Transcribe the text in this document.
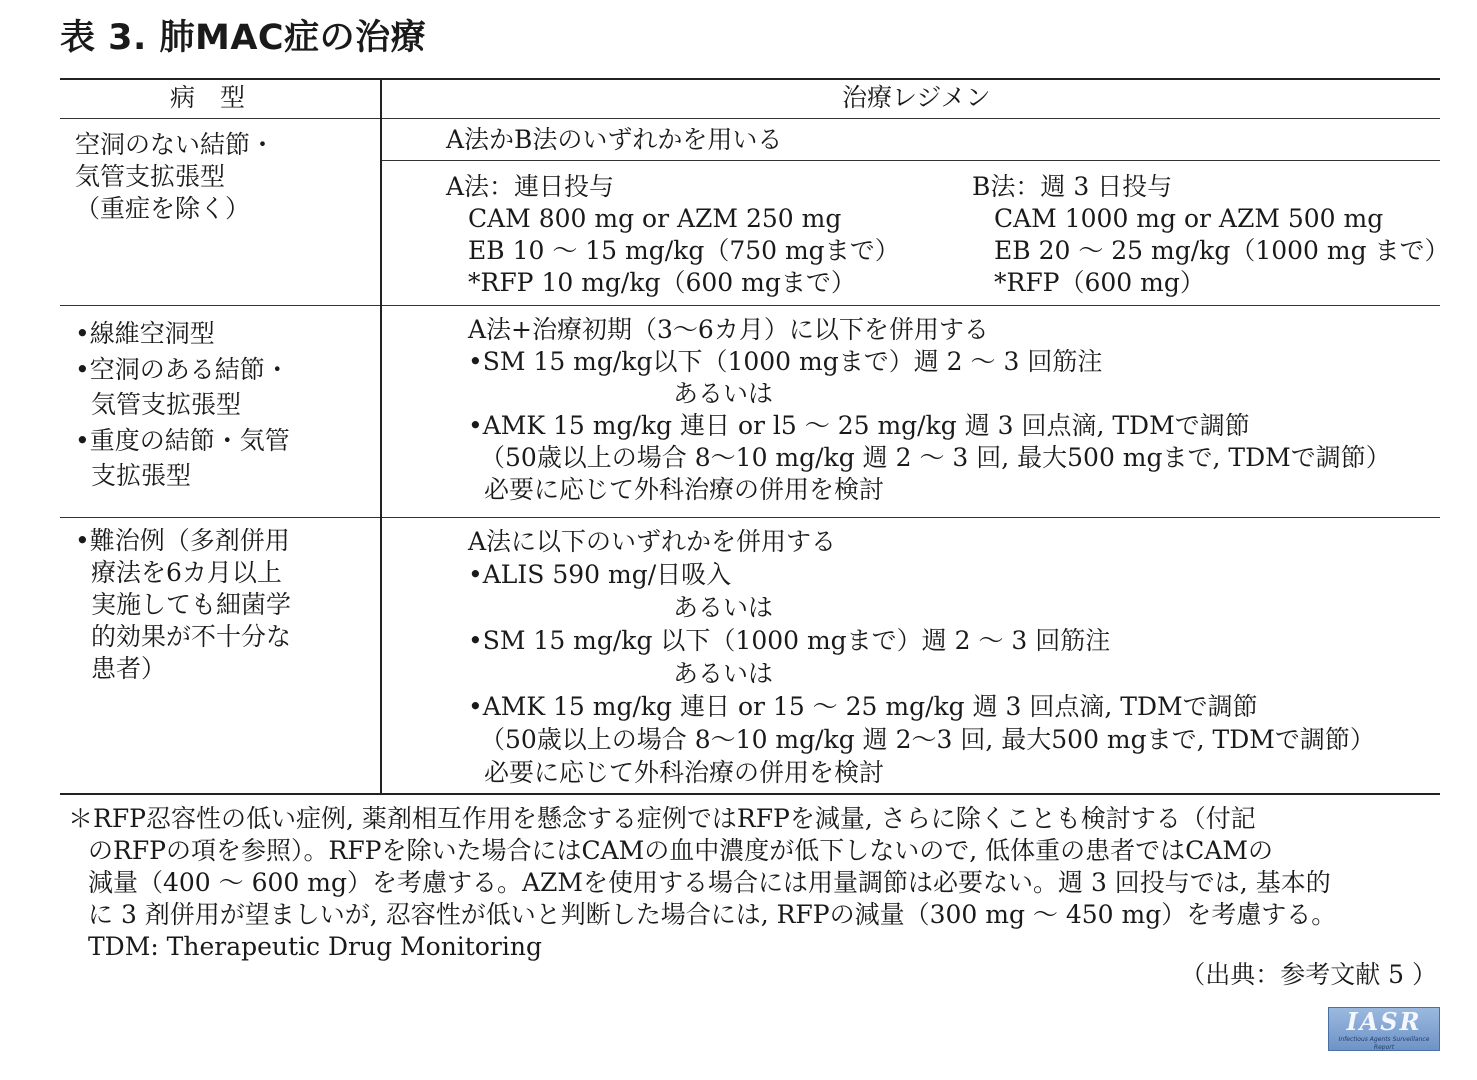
表 3. 肺MAC症の治療
病　型	治療レジメン
空洞のない結節・
気管支拡張型
（重症を除く）
A法かB法のいずれかを用いる
A法：連日投与
CAM 800 mg or AZM 250 mg
EB 10 ～ 15 mg/kg（750 mgまで）
*RFP 10 mg/kg（600 mgまで）
B法：週 3 日投与
CAM 1000 mg or AZM 500 mg
EB 20 ～ 25 mg/kg（1000 mg まで）
*RFP（600 mg）
•線維空洞型
•空洞のある結節・
気管支拡張型
•重度の結節・気管
支拡張型
A法+治療初期（3～6カ月）に以下を併用する
•SM 15 mg/kg以下（1000 mgまで）週 2 ～ 3 回筋注
あるいは
•AMK 15 mg/kg 連日 or l5 ～ 25 mg/kg 週 3 回点滴, TDMで調節
（50歳以上の場合 8～10 mg/kg 週 2 ～ 3 回, 最大500 mgまで, TDMで調節）
必要に応じて外科治療の併用を検討
•難治例（多剤併用
療法を6カ月以上
実施しても細菌学
的効果が不十分な
患者）
A法に以下のいずれかを併用する
•ALIS 590 mg/日吸入
あるいは
•SM 15 mg/kg 以下（1000 mgまで）週 2 ～ 3 回筋注
あるいは
•AMK 15 mg/kg 連日 or 15 ～ 25 mg/kg 週 3 回点滴, TDMで調節
（50歳以上の場合 8～10 mg/kg 週 2～3 回, 最大500 mgまで, TDMで調節）
必要に応じて外科治療の併用を検討
＊RFP忍容性の低い症例, 薬剤相互作用を懸念する症例ではRFPを減量, さらに除くことも検討する（付記
のRFPの項を参照）。RFPを除いた場合にはCAMの血中濃度が低下しないので, 低体重の患者ではCAMの
減量（400 ～ 600 mg）を考慮する。AZMを使用する場合には用量調節は必要ない。週 3 回投与では, 基本的
に 3 剤併用が望ましいが, 忍容性が低いと判断した場合には, RFPの減量（300 mg ～ 450 mg）を考慮する。
TDM: Therapeutic Drug Monitoring
（出典：参考文献 5 ）
IASR
Infectious Agents Surveillance Report
